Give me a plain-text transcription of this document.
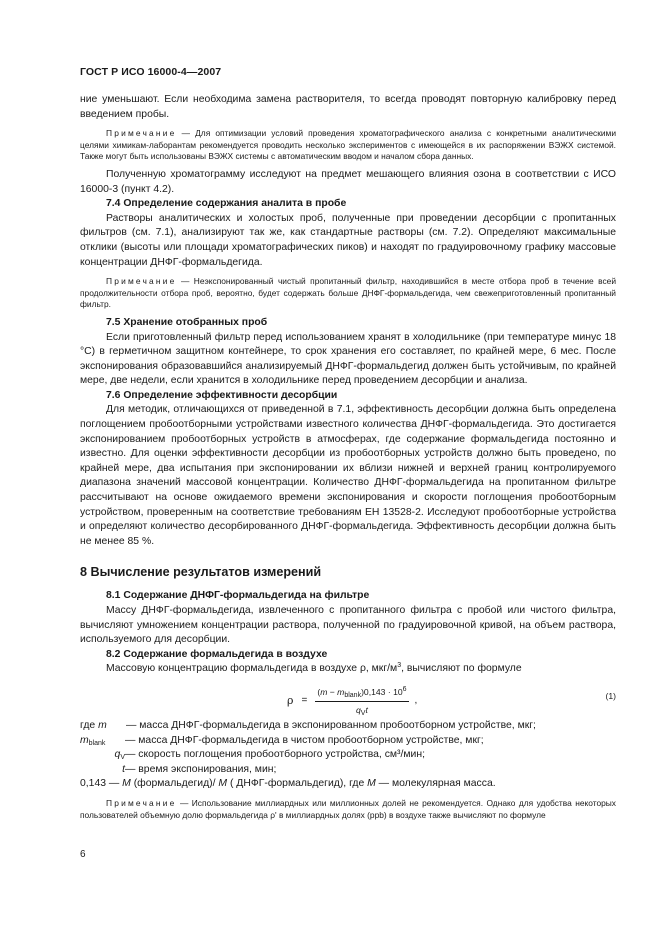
ГОСТ Р ИСО 16000-4—2007

ние уменьшают. Если необходима замена растворителя, то всегда проводят повторную калибровку перед введением пробы.

Примечание — Для оптимизации условий проведения хроматографического анализа с конкретными аналитическими целями химикам-лаборантам рекомендуется проводить несколько экспериментов с имеющейся в их распоряжении ВЭЖХ системой. Также могут быть использованы ВЭЖХ системы с автоматическим вводом и началом сбора данных.

Полученную хроматограмму исследуют на предмет мешающего влияния озона в соответствии с ИСО 16000-3 (пункт 4.2).

7.4 Определение содержания аналита в пробе

Растворы аналитических и холостых проб, полученные при проведении десорбции с пропитанных фильтров (см. 7.1), анализируют так же, как стандартные растворы (см. 7.2). Определяют максимальные отклики (высоты или площади хроматографических пиков) и находят по градуировочному графику массовые концентрации ДНФГ-формальдегида.

Примечание — Неэкспонированный чистый пропитанный фильтр, находившийся в месте отбора проб в течение всей продолжительности отбора проб, вероятно, будет содержать больше ДНФГ-формальдегида, чем свежеприготовленный пропитанный фильтр.

7.5 Хранение отобранных проб

Если приготовленный фильтр перед использованием хранят в холодильнике (при температуре минус 18 °С) в герметичном защитном контейнере, то срок хранения его составляет, по крайней мере, 6 мес. После экспонирования образовавшийся анализируемый ДНФГ-формальдегид должен быть устойчивым, по крайней мере, две недели, если хранится в холодильнике перед проведением десорбции и анализа.

7.6 Определение эффективности десорбции

Для методик, отличающихся от приведенной в 7.1, эффективность десорбции должна быть определена поглощением пробоотборными устройствами известного количества ДНФГ-формальдегида. Это достигается экспонированием пробоотборных устройств в атмосферах, где содержание формальдегида постоянно и известно. Для оценки эффективности десорбции из пробоотборных устройств должно быть проведено, по крайней мере, два испытания при экспонировании их вблизи нижней и верхней границ контролируемого диапазона значений массовой концентрации. Количество ДНФГ-формальдегида на пропитанном фильтре рассчитывают на основе ожидаемого времени экспонирования и скорости поглощения пробоотборным устройством, проверенным на соответствие требованиям ЕН 13528-2. Исследуют пробоотборные устройства и определяют количество десорбированного ДНФГ-формальдегида. Эффективность десорбции должна быть не менее 85 %.

8 Вычисление результатов измерений
8.1 Содержание ДНФГ-формальдегида на фильтре

Массу ДНФГ-формальдегида, извлеченного с пропитанного фильтра с пробой или чистого фильтра, вычисляют умножением концентрации раствора, полученной по градуировочной кривой, на объем раствора, используемого для десорбции.

8.2 Содержание формальдегида в воздухе

Массовую концентрацию формальдегида в воздухе ρ, мкг/$м^3$, вычисляют по формуле

$\rho = \frac{(m - m_{blank})0,143 \cdot 10^6}{q_Vt}$ ,	(1)
где m	— масса ДНФГ-формальдегида в экспонированном пробоотборном устройстве, мкг;
$m_{blank}$	— масса ДНФГ-формальдегида в чистом пробоотборном устройстве, мкг;
$q_V$ — скорость поглощения пробоотборного устройства, см³/мин;
t — время экспонирования, мин;
0,143 — M (формальдегид)/ M ( ДНФГ-формальдегид), где M — молекулярная масса.

Примечание — Использование миллиардных или миллионных долей не рекомендуется. Однако для удобства некоторых пользователей объемную долю формальдегида ρ' в миллиардных долях (ppb) в воздухе также вычисляют по формуле

6
